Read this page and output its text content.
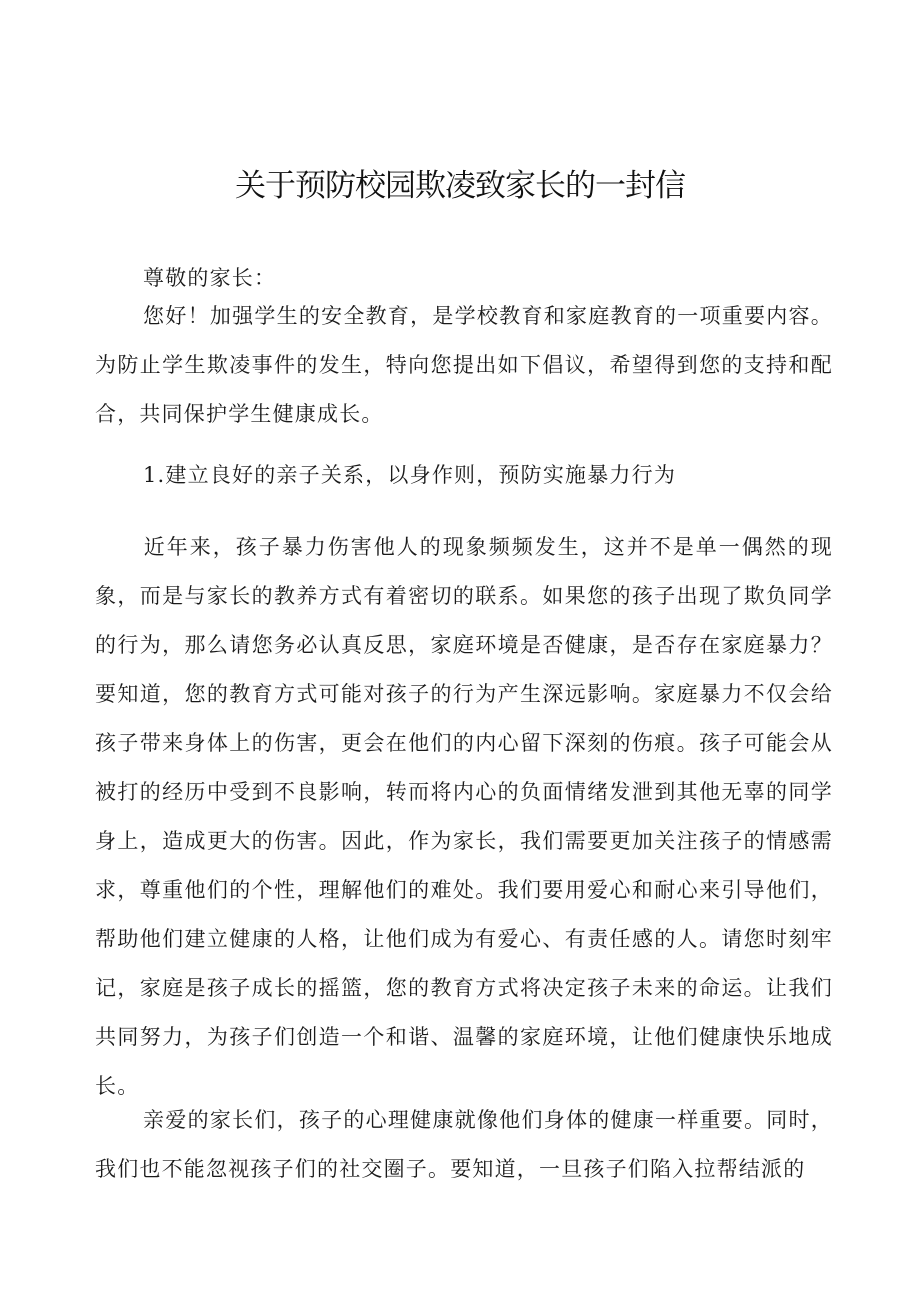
关于预防校园欺凌致家长的一封信
尊敬的家长：
您好！加强学生的安全教育，是学校教育和家庭教育的一项重要内容。为防止学生欺凌事件的发生，特向您提出如下倡议，希望得到您的支持和配合，共同保护学生健康成长。
1.建立良好的亲子关系，以身作则，预防实施暴力行为
近年来，孩子暴力伤害他人的现象频频发生，这并不是单一偶然的现象，而是与家长的教养方式有着密切的联系。如果您的孩子出现了欺负同学的行为，那么请您务必认真反思，家庭环境是否健康，是否存在家庭暴力？要知道，您的教育方式可能对孩子的行为产生深远影响。家庭暴力不仅会给孩子带来身体上的伤害，更会在他们的内心留下深刻的伤痕。孩子可能会从被打的经历中受到不良影响，转而将内心的负面情绪发泄到其他无辜的同学身上，造成更大的伤害。因此，作为家长，我们需要更加关注孩子的情感需求，尊重他们的个性，理解他们的难处。我们要用爱心和耐心来引导他们，帮助他们建立健康的人格，让他们成为有爱心、有责任感的人。请您时刻牢记，家庭是孩子成长的摇篮，您的教育方式将决定孩子未来的命运。让我们共同努力，为孩子们创造一个和谐、温馨的家庭环境，让他们健康快乐地成长。
亲爱的家长们，孩子的心理健康就像他们身体的健康一样重要。同时，我们也不能忽视孩子们的社交圈子。要知道，一旦孩子们陷入拉帮结派的
